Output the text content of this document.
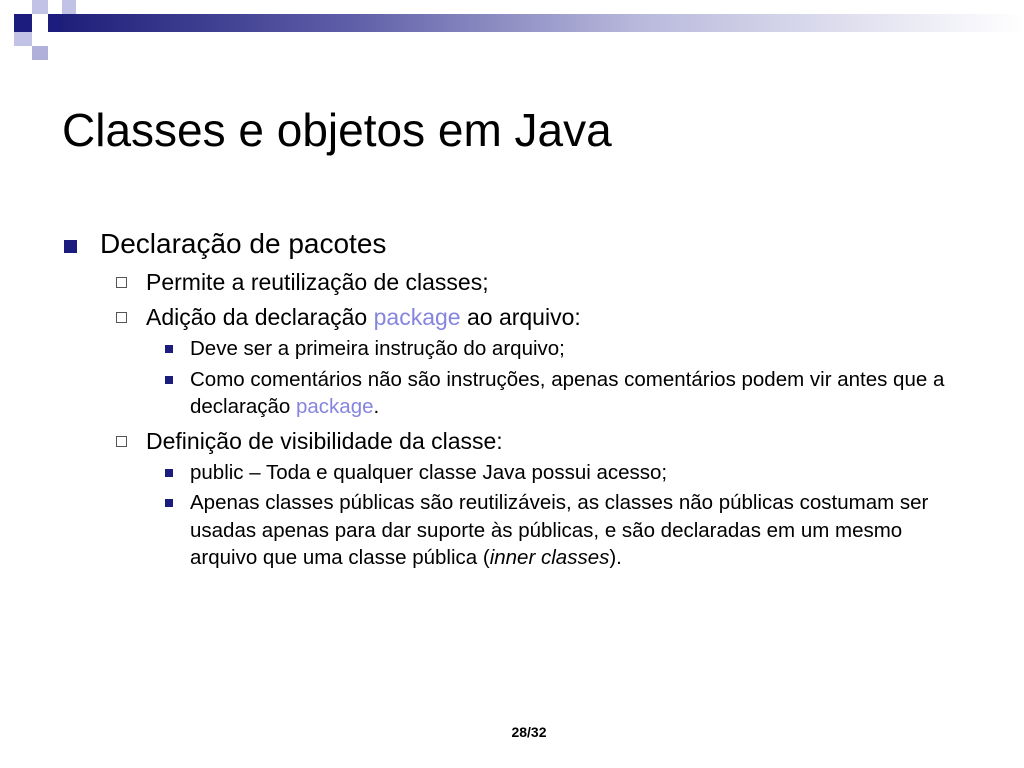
Classes e objetos em Java
Declaração de pacotes
Permite a reutilização de classes;
Adição da declaração package ao arquivo:
Deve ser a primeira instrução do arquivo;
Como comentários não são instruções, apenas comentários podem vir antes que a declaração package.
Definição de visibilidade da classe:
public – Toda e qualquer classe Java possui acesso;
Apenas classes públicas são reutilizáveis, as classes não públicas costumam ser usadas apenas para dar suporte às públicas, e são declaradas em um mesmo arquivo que uma classe pública (inner classes).
28/32
